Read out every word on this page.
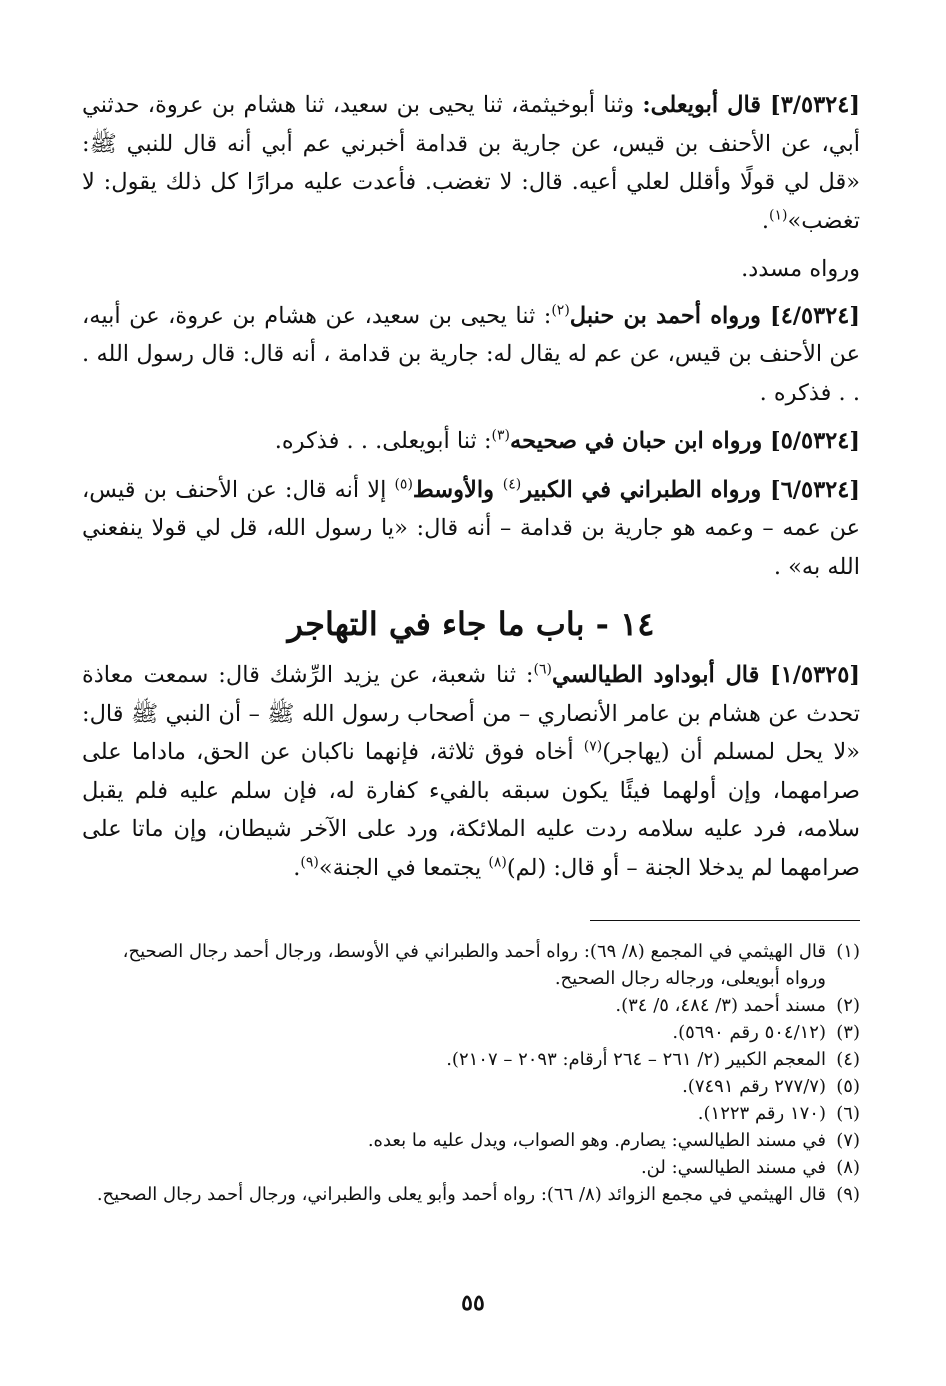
[٣/٥٣٢٤] قال أبويعلى: وثنا أبوخيثمة، ثنا يحيى بن سعيد، ثنا هشام بن عروة، حدثني أبي، عن الأحنف بن قيس، عن جارية بن قدامة أخبرني عم أبي أنه قال للنبي ﷺ: «قل لي قولًا وأقلل لعلي أعيه. قال: لا تغضب. فأعدت عليه مرارًا كل ذلك يقول: لا تغضب»$^{(١)}$.

ورواه مسدد.

[٤/٥٣٢٤] ورواه أحمد بن حنبل$^{(٢)}$: ثنا يحيى بن سعيد، عن هشام بن عروة، عن أبيه، عن الأحنف بن قيس، عن عم له يقال له: جارية بن قدامة ، أنه قال: قال رسول الله . . . فذكره .

[٥/٥٣٢٤] ورواه ابن حبان في صحيحه$^{(٣)}$: ثنا أبويعلى. . . فذكره.

[٦/٥٣٢٤] ورواه الطبراني في الكبير$^{(٤)}$ والأوسط$^{(٥)}$ إلا أنه قال: عن الأحنف بن قيس، عن عمه – وعمه هو جارية بن قدامة – أنه قال: «يا رسول الله، قل لي قولا ينفعني الله به» .

١٤ - باب ما جاء في التهاجر

[١/٥٣٢٥] قال أبوداود الطيالسي$^{(٦)}$: ثنا شعبة، عن يزيد الرِّشك قال: سمعت معاذة تحدث عن هشام بن عامر الأنصاري – من أصحاب رسول الله ﷺ – أن النبي ﷺ قال: «لا يحل لمسلم أن (يهاجر)$^{(٧)}$ أخاه فوق ثلاثة، فإنهما ناكبان عن الحق، ماداما على صرامهما، وإن أولهما فيئًا يكون سبقه بالفيء كفارة له، فإن سلم عليه فلم يقبل سلامه، فرد عليه سلامه ردت عليه الملائكة، ورد على الآخر شيطان، وإن ماتا على صرامهما لم يدخلا الجنة – أو قال: (لم)$^{(٨)}$ يجتمعا في الجنة»$^{(٩)}$.

(١)
قال الهيثمي في المجمع (٨/ ٦٩): رواه أحمد والطبراني في الأوسط، ورجال أحمد رجال الصحيح، ورواه أبويعلى، ورجاله رجال الصحيح.
(٢)
مسند أحمد (٣/ ٤٨٤، ٥/ ٣٤).
(٣)
(٥٠٤/١٢ رقم ٥٦٩٠).
(٤)
المعجم الكبير (٢/ ٢٦١ – ٢٦٤ أرقام: ٢٠٩٣ – ٢١٠٧).
(٥)
(٢٧٧/٧ رقم ٧٤٩١).
(٦)
(١٧٠ رقم ١٢٢٣).
(٧)
في مسند الطيالسي: يصارم. وهو الصواب، ويدل عليه ما بعده.
(٨)
في مسند الطيالسي: لن.
(٩)
قال الهيثمي في مجمع الزوائد (٨/ ٦٦): رواه أحمد وأبو يعلى والطبراني، ورجال أحمد رجال الصحيح.
٥٥
